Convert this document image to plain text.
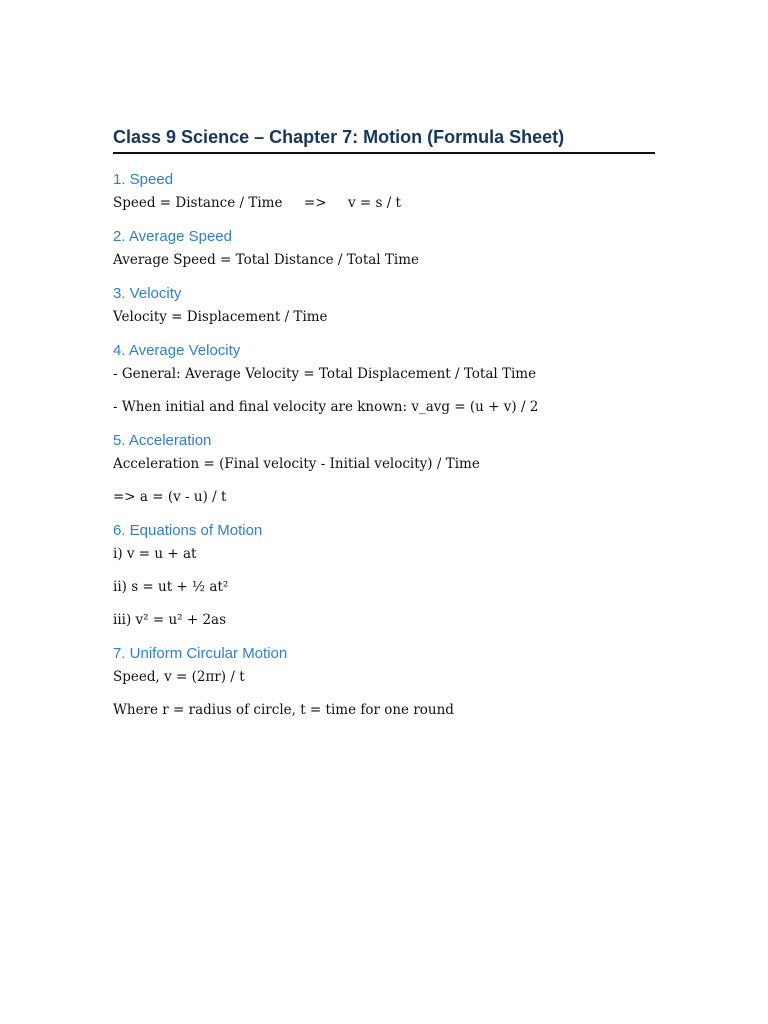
Class 9 Science – Chapter 7: Motion (Formula Sheet)
1. Speed
Speed = Distance / Time     =>     v = s / t
2. Average Speed
Average Speed = Total Distance / Total Time
3. Velocity
Velocity = Displacement / Time
4. Average Velocity
- General: Average Velocity = Total Displacement / Total Time
- When initial and final velocity are known: v_avg = (u + v) / 2
5. Acceleration
Acceleration = (Final velocity - Initial velocity) / Time
=> a = (v - u) / t
6. Equations of Motion
i) v = u + at
ii) s = ut + ½ at²
iii) v² = u² + 2as
7. Uniform Circular Motion
Speed, v = (2πr) / t
Where r = radius of circle, t = time for one round
